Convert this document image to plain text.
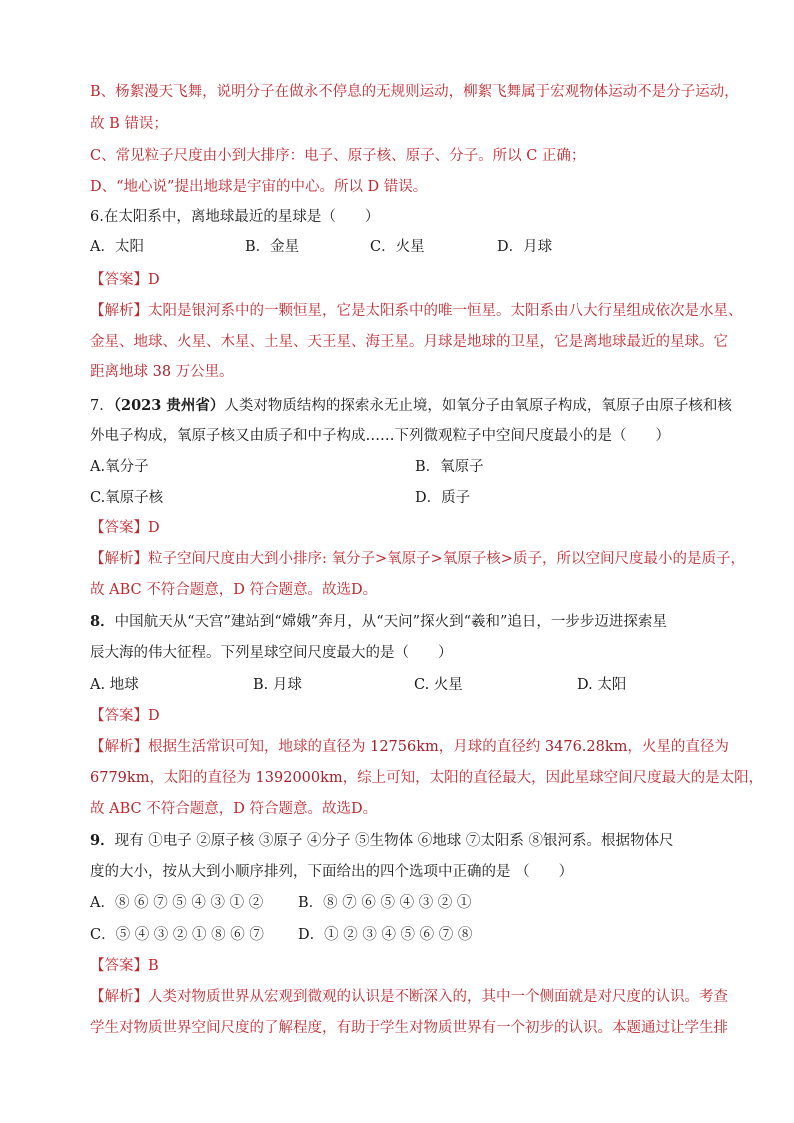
B、杨絮漫天飞舞，说明分子在做永不停息的无规则运动，柳絮飞舞属于宏观物体运动不是分子运动，
故 B 错误；
C、常见粒子尺度由小到大排序：电子、原子核、原子、分子。所以 C 正确；
D、“地心说”提出地球是宇宙的中心。所以 D 错误。
6.在太阳系中，离地球最近的星球是（　　）
A．太阳	B．金星	C．火星	D．月球
【答案】D
【解析】太阳是银河系中的一颗恒星，它是太阳系中的唯一恒星。太阳系由八大行星组成依次是水星、
金星、地球、火星、木星、土星、天王星、海王星。月球是地球的卫星，它是离地球最近的星球。它
距离地球 38 万公里。
7．（2023 贵州省）人类对物质结构的探索永无止境，如氧分子由氧原子构成，氧原子由原子核和核
外电子构成，氧原子核又由质子和中子构成……下列微观粒子中空间尺度最小的是（　　）
A.氧分子	B．氧原子
C.氧原子核	D．质子
【答案】D
【解析】粒子空间尺度由大到小排序: 氧分子>氧原子>氧原子核>质子，所以空间尺度最小的是质子，
故 ABC 不符合题意，D 符合题意。故选D。
8．中国航天从“天宫”建站到“嫦娥”奔月，从“天问”探火到“羲和”追日，一步步迈进探索星
辰大海的伟大征程。下列星球空间尺度最大的是（　　）
A. 地球	B. 月球	C. 火星	D. 太阳
【答案】D
【解析】根据生活常识可知，地球的直径为 12756km，月球的直径约 3476.28km，火星的直径为
6779km，太阳的直径为 1392000km，综上可知，太阳的直径最大，因此星球空间尺度最大的是太阳，
故 ABC 不符合题意，D 符合题意。故选D。
9．现有 ①电子 ②原子核 ③原子 ④分子 ⑤生物体 ⑥地球 ⑦太阳系 ⑧银河系。根据物体尺
度的大小，按从大到小顺序排列，下面给出的四个选项中正确的是 （　　）
A．⑧ ⑥ ⑦ ⑤ ④ ③ ① ② B．⑧ ⑦ ⑥ ⑤ ④ ③ ② ①
C．⑤ ④ ③ ② ① ⑧ ⑥ ⑦ D．① ② ③ ④ ⑤ ⑥ ⑦ ⑧
【答案】B
【解析】人类对物质世界从宏观到微观的认识是不断深入的，其中一个侧面就是对尺度的认识。考查
学生对物质世界空间尺度的了解程度，有助于学生对物质世界有一个初步的认识。本题通过让学生排
